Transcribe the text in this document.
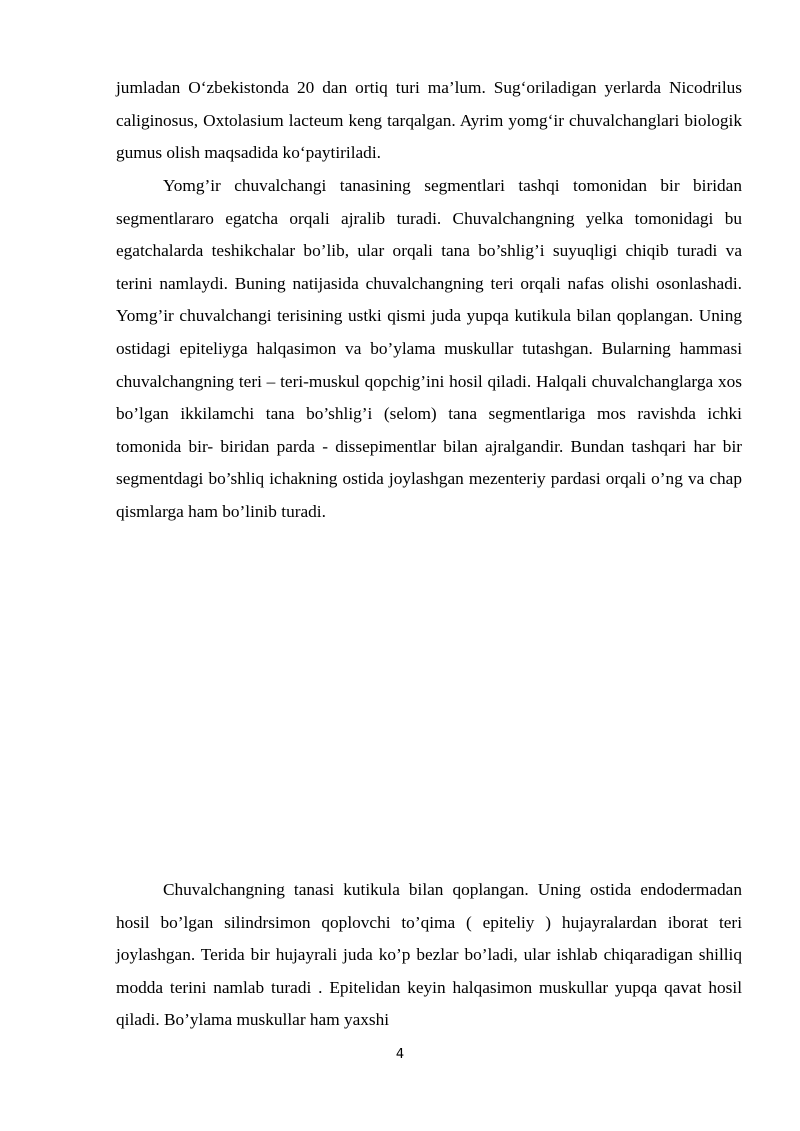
jumladan O‘zbekistonda 20 dan ortiq turi ma’lum. Sug‘oriladigan yerlarda Nicodrilus caliginosus, Oxtolasium lacteum keng tarqalgan. Ayrim yomg‘ir chuvalchanglari biologik gumus olish maqsadida ko‘paytiriladi.

Yomg’ir chuvalchangi tanasining segmentlari tashqi tomonidan bir biridan segmentlararo egatcha orqali ajralib turadi. Chuvalchangning yelka tomonidagi bu egatchalarda teshikchalar bo’lib, ular orqali tana bo’shlig’i suyuqligi chiqib turadi va terini namlaydi. Buning natijasida chuvalchangning teri orqali nafas olishi osonlashadi. Yomg’ir chuvalchangi terisining ustki qismi juda yupqa kutikula bilan qoplangan. Uning ostidagi epiteliyga halqasimon va bo’ylama muskullar tutashgan. Bularning hammasi chuvalchangning teri – teri-muskul qopchig’ini hosil qiladi. Halqali chuvalchanglarga xos bo’lgan ikkilamchi tana bo’shlig’i (selom) tana segmentlariga mos ravishda ichki tomonida bir- biridan parda - dissepimentlar bilan ajralgandir. Bundan tashqari har bir segmentdagi bo’shliq ichakning ostida joylashgan mezenteriy pardasi orqali o’ng va chap qismlarga ham bo’linib turadi.

Chuvalchangning tanasi kutikula bilan qoplangan. Uning ostida endodermadan hosil bo’lgan silindrsimon qoplovchi to’qima ( epiteliy ) hujayralardan iborat teri joylashgan. Terida bir hujayrali juda ko’p bezlar bo’ladi, ular ishlab chiqaradigan shilliq modda terini namlab turadi . Epitelidan keyin halqasimon muskullar yupqa qavat hosil qiladi. Bo’ylama muskullar ham yaxshi

4
